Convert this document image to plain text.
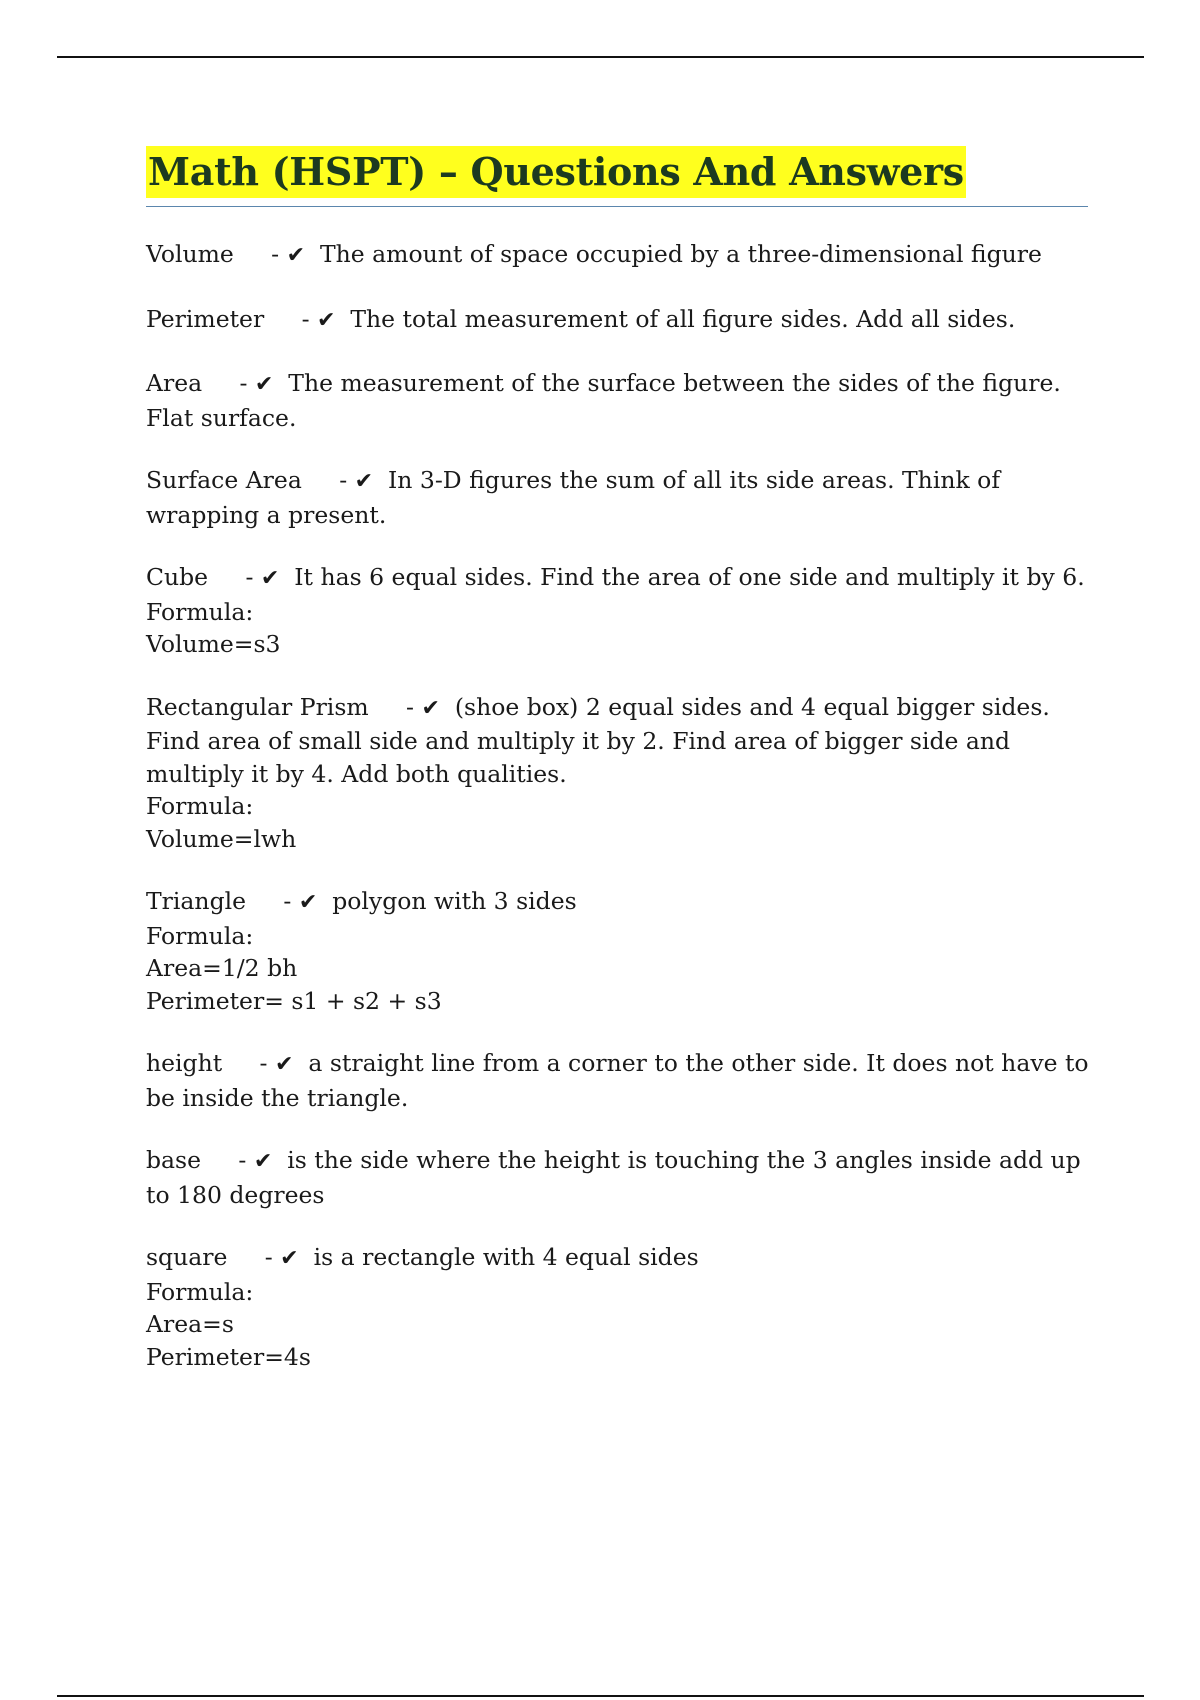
Math (HSPT) – Questions And Answers
Volume     - ✔ The amount of space occupied by a three-dimensional figure
Perimeter     - ✔ The total measurement of all figure sides. Add all sides.
Area     - ✔ The measurement of the surface between the sides of the figure. Flat surface.
Surface Area     - ✔ In 3-D figures the sum of all its side areas. Think of wrapping a present.
Cube     - ✔ It has 6 equal sides. Find the area of one side and multiply it by 6.
Formula:
Volume=s3
Rectangular Prism     - ✔ (shoe box) 2 equal sides and 4 equal bigger sides. Find area of small side and multiply it by 2. Find area of bigger side and multiply it by 4. Add both qualities.
Formula:
Volume=lwh
Triangle     - ✔ polygon with 3 sides
Formula:
Area=1/2 bh
Perimeter= s1 + s2 + s3
height     - ✔ a straight line from a corner to the other side. It does not have to be inside the triangle.
base     - ✔ is the side where the height is touching the 3 angles inside add up to 180 degrees
square     - ✔ is a rectangle with 4 equal sides
Formula:
Area=s
Perimeter=4s
